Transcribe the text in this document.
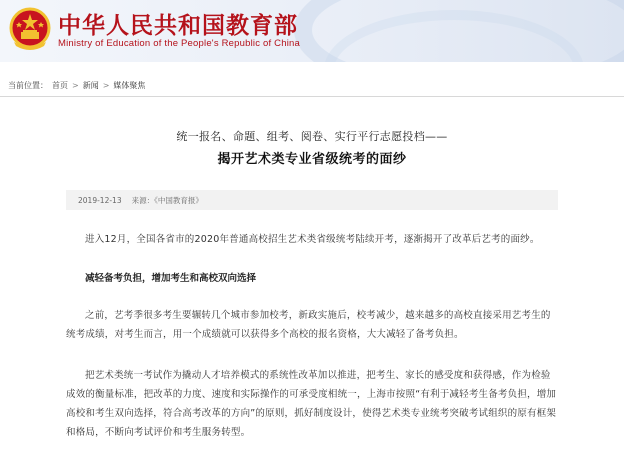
中华人民共和国教育部
Ministry of Education of the People's Republic of China
当前位置： 首页 > 新闻 > 媒体聚焦
统一报名、命题、组考、阅卷、实行平行志愿投档——
揭开艺术类专业省级统考的面纱
2019-12-13 来源：《中国教育报》
进入12月，全国各省市的2020年普通高校招生艺术类省级统考陆续开考，逐渐揭开了改革后艺考的面纱。
减轻备考负担，增加考生和高校双向选择
之前，艺考季很多考生要辗转几个城市参加校考，新政实施后，校考减少，越来越多的高校直接采用艺考生的统考成绩，对考生而言，用一个成绩就可以获得多个高校的报名资格，大大减轻了备考负担。
把艺术类统一考试作为撬动人才培养模式的系统性改革加以推进，把考生、家长的感受度和获得感，作为检验成效的衡量标准，把改革的力度、速度和实际操作的可承受度相统一，上海市按照“有利于减轻考生备考负担，增加高校和考生双向选择，符合高考改革的方向”的原则，抓好制度设计，使得艺术类专业统考突破考试组织的原有框架和格局，不断向考试评价和考生服务转型。
